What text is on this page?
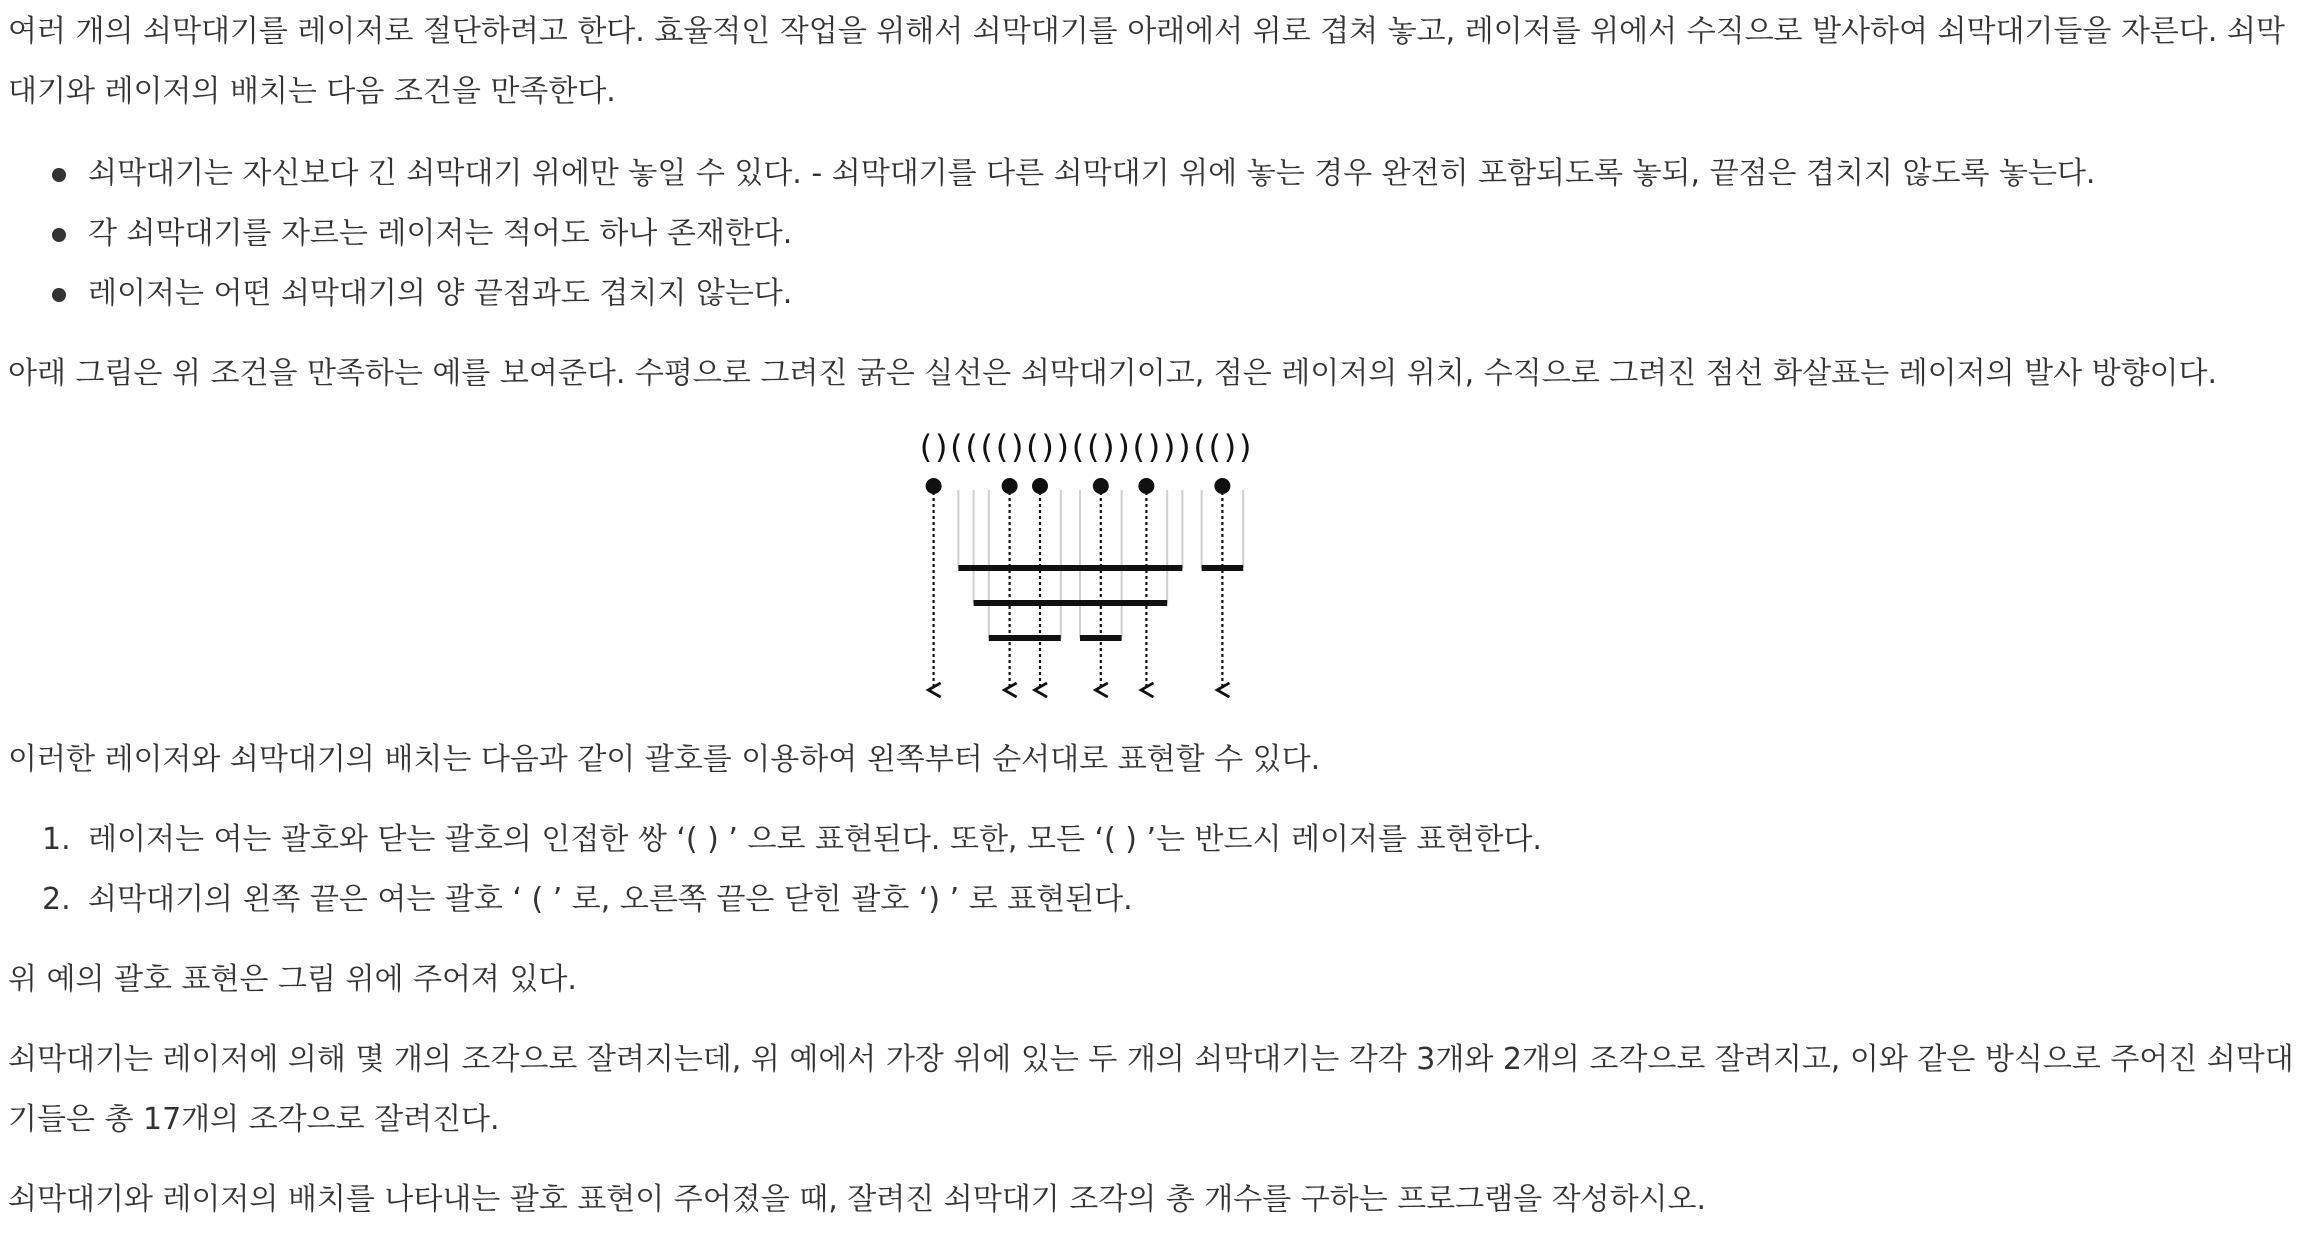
여러 개의 쇠막대기를 레이저로 절단하려고 한다. 효율적인 작업을 위해서 쇠막대기를 아래에서 위로 겹쳐 놓고, 레이저를 위에서 수직으로 발사하여 쇠막대기들을 자른다. 쇠막대기와 레이저의 배치는 다음 조건을 만족한다.

쇠막대기는 자신보다 긴 쇠막대기 위에만 놓일 수 있다. - 쇠막대기를 다른 쇠막대기 위에 놓는 경우 완전히 포함되도록 놓되, 끝점은 겹치지 않도록 놓는다.
각 쇠막대기를 자르는 레이저는 적어도 하나 존재한다.
레이저는 어떤 쇠막대기의 양 끝점과도 겹치지 않는다.

아래 그림은 위 조건을 만족하는 예를 보여준다. 수평으로 그려진 굵은 실선은 쇠막대기이고, 점은 레이저의 위치, 수직으로 그려진 점선 화살표는 레이저의 발사 방향이다.

( ) ( ( ( ( ) ( ) ) ( ( ) ) ( ) ) ) ( ( ) )

이러한 레이저와 쇠막대기의 배치는 다음과 같이 괄호를 이용하여 왼쪽부터 순서대로 표현할 수 있다.

1. 레이저는 여는 괄호와 닫는 괄호의 인접한 쌍 ‘( ) ’ 으로 표현된다. 또한, 모든 ‘( ) ’는 반드시 레이저를 표현한다.
2. 쇠막대기의 왼쪽 끝은 여는 괄호 ‘ ( ’ 로, 오른쪽 끝은 닫힌 괄호 ‘) ’ 로 표현된다.

위 예의 괄호 표현은 그림 위에 주어져 있다.

쇠막대기는 레이저에 의해 몇 개의 조각으로 잘려지는데, 위 예에서 가장 위에 있는 두 개의 쇠막대기는 각각 3개와 2개의 조각으로 잘려지고, 이와 같은 방식으로 주어진 쇠막대기들은 총 17개의 조각으로 잘려진다.

쇠막대기와 레이저의 배치를 나타내는 괄호 표현이 주어졌을 때, 잘려진 쇠막대기 조각의 총 개수를 구하는 프로그램을 작성하시오.
